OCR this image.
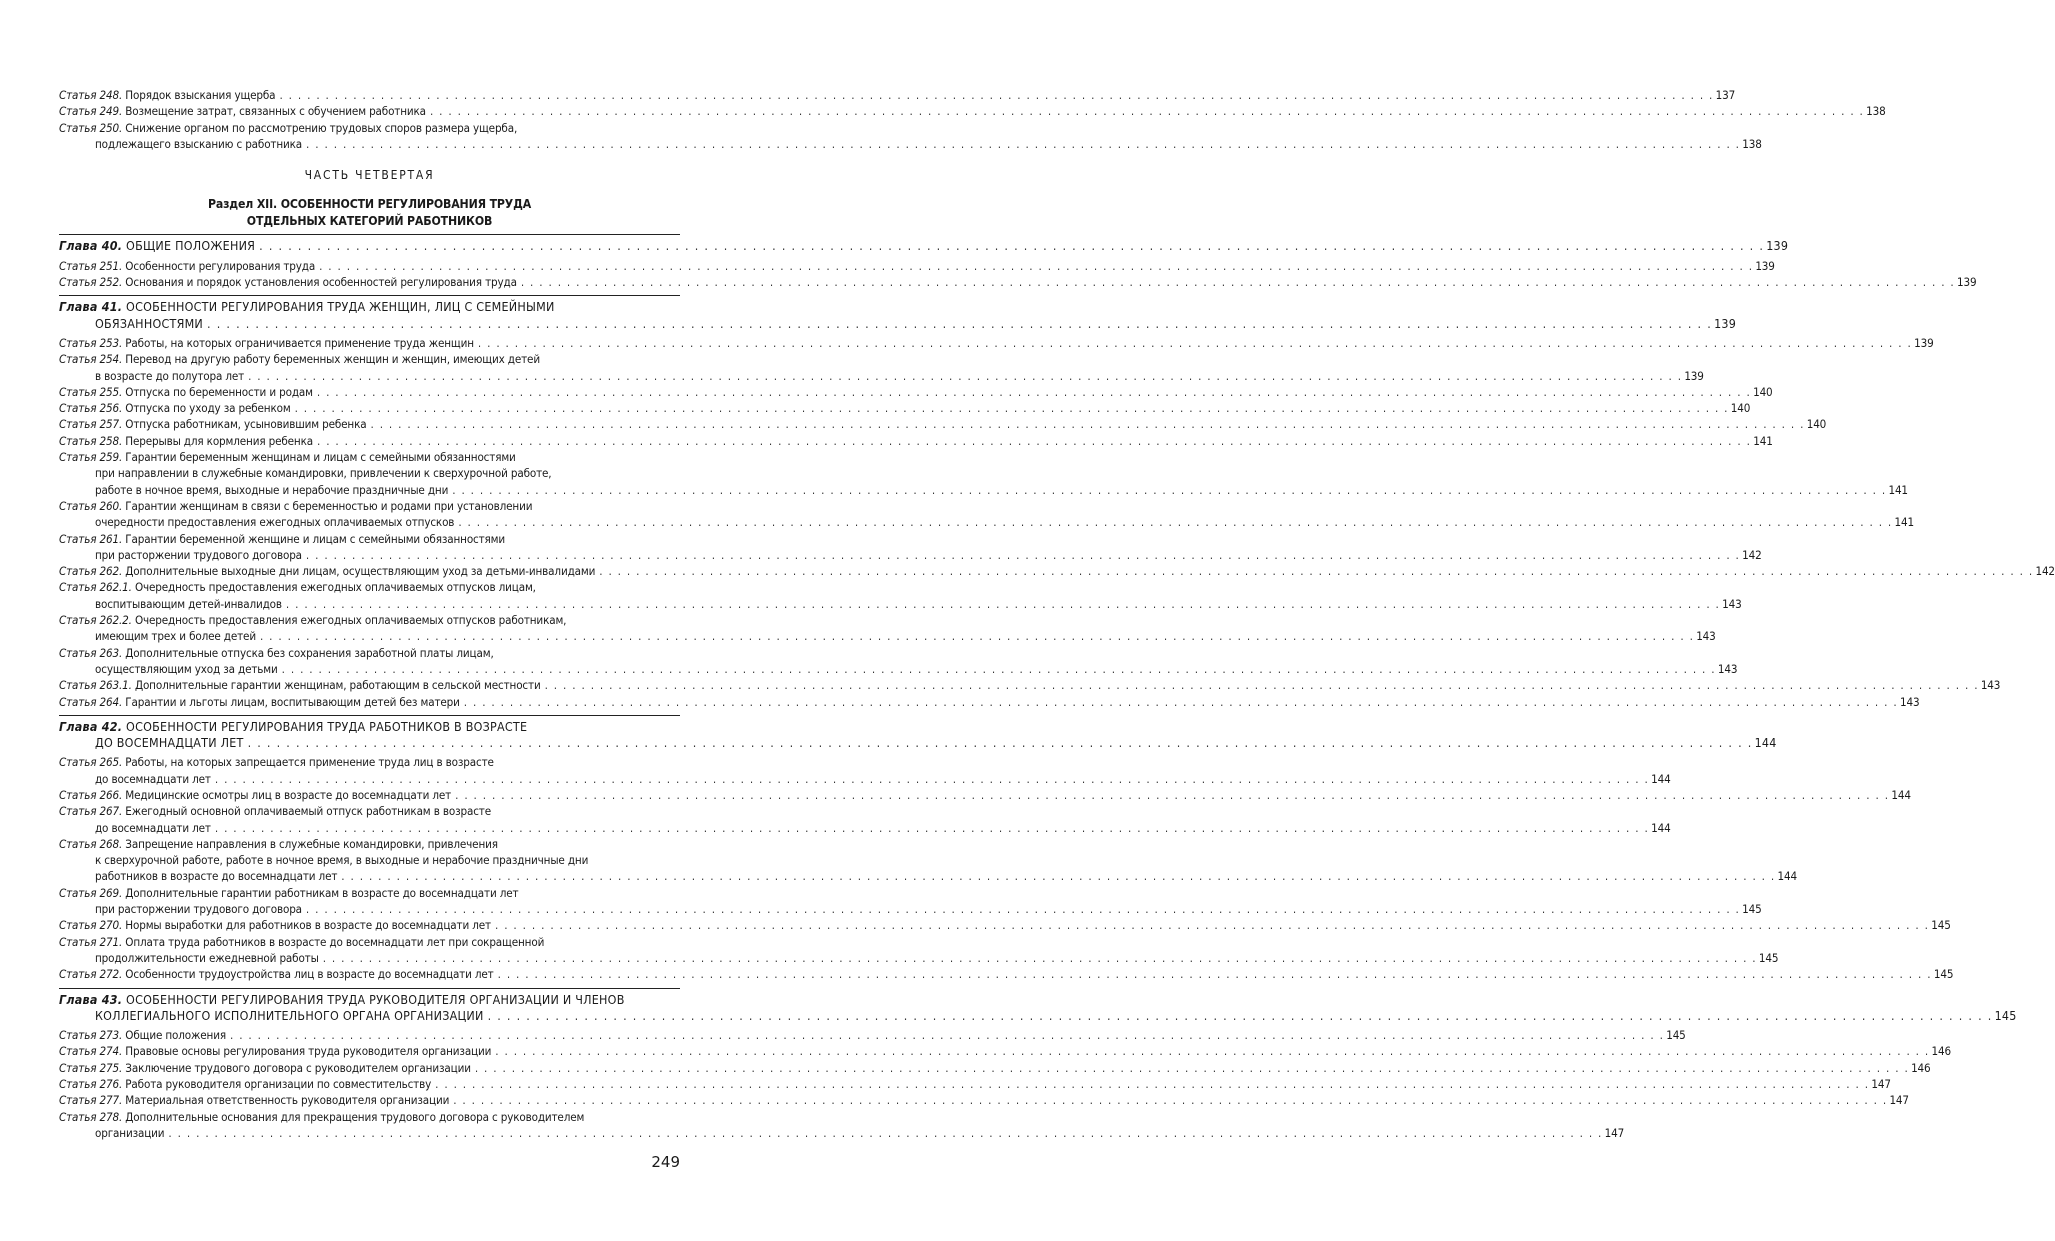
Статья 248. Порядок взыскания ущерба . . .	137
Статья 249. Возмещение затрат, связанных с обучением работника . . .	138
Статья 250. Снижение органом по рассмотрению трудовых споров размера ущерба,
подлежащего взысканию с работника . . .	138
ЧАСТЬ ЧЕТВЕРТАЯ
Раздел XII. ОСОБЕННОСТИ РЕГУЛИРОВАНИЯ ТРУДА
ОТДЕЛЬНЫХ КАТЕГОРИЙ РАБОТНИКОВ
Глава 40. ОБЩИЕ ПОЛОЖЕНИЯ . . .	139
Статья 251. Особенности регулирования труда . . .	139
Статья 252. Основания и порядок установления особенностей регулирования труда . . .	139
Глава 41. ОСОБЕННОСТИ РЕГУЛИРОВАНИЯ ТРУДА ЖЕНЩИН, ЛИЦ С СЕМЕЙНЫМИ
ОБЯЗАННОСТЯМИ . . .	139
Статья 253. Работы, на которых ограничивается применение труда женщин . . .	139
Статья 254. Перевод на другую работу беременных женщин и женщин, имеющих детей
в возрасте до полутора лет . . .	139
Статья 255. Отпуска по беременности и родам . . .	140
Статья 256. Отпуска по уходу за ребенком . . .	140
Статья 257. Отпуска работникам, усыновившим ребенка . . .	140
Статья 258. Перерывы для кормления ребенка . . .	141
Статья 259. Гарантии беременным женщинам и лицам с семейными обязанностями
при направлении в служебные командировки, привлечении к сверхурочной работе,
работе в ночное время, выходные и нерабочие праздничные дни . . .	141
Статья 260. Гарантии женщинам в связи с беременностью и родами при установлении
очередности предоставления ежегодных оплачиваемых отпусков . . .	141
Статья 261. Гарантии беременной женщине и лицам с семейными обязанностями
при расторжении трудового договора . . .	142
Статья 262. Дополнительные выходные дни лицам, осуществляющим уход за детьми-инвалидами . . .	142
Статья 262.1. Очередность предоставления ежегодных оплачиваемых отпусков лицам,
воспитывающим детей-инвалидов . . .	143
Статья 262.2. Очередность предоставления ежегодных оплачиваемых отпусков работникам,
имеющим трех и более детей . . .	143
Статья 263. Дополнительные отпуска без сохранения заработной платы лицам,
осуществляющим уход за детьми . . .	143
Статья 263.1. Дополнительные гарантии женщинам, работающим в сельской местности . . .	143
Статья 264. Гарантии и льготы лицам, воспитывающим детей без матери . . .	143
Глава 42. ОСОБЕННОСТИ РЕГУЛИРОВАНИЯ ТРУДА РАБОТНИКОВ В ВОЗРАСТЕ
ДО ВОСЕМНАДЦАТИ ЛЕТ . . .	144
Статья 265. Работы, на которых запрещается применение труда лиц в возрасте
до восемнадцати лет . . .	144
Статья 266. Медицинские осмотры лиц в возрасте до восемнадцати лет . . .	144
Статья 267. Ежегодный основной оплачиваемый отпуск работникам в возрасте
до восемнадцати лет . . .	144
Статья 268. Запрещение направления в служебные командировки, привлечения
к сверхурочной работе, работе в ночное время, в выходные и нерабочие праздничные дни
работников в возрасте до восемнадцати лет . . .	144
Статья 269. Дополнительные гарантии работникам в возрасте до восемнадцати лет
при расторжении трудового договора . . .	145
Статья 270. Нормы выработки для работников в возрасте до восемнадцати лет . . .	145
Статья 271. Оплата труда работников в возрасте до восемнадцати лет при сокращенной
продолжительности ежедневной работы . . .	145
Статья 272. Особенности трудоустройства лиц в возрасте до восемнадцати лет . . .	145
Глава 43. ОСОБЕННОСТИ РЕГУЛИРОВАНИЯ ТРУДА РУКОВОДИТЕЛЯ ОРГАНИЗАЦИИ И ЧЛЕНОВ
КОЛЛЕГИАЛЬНОГО ИСПОЛНИТЕЛЬНОГО ОРГАНА ОРГАНИЗАЦИИ . . .	145
Статья 273. Общие положения . . .	145
Статья 274. Правовые основы регулирования труда руководителя организации . . .	146
Статья 275. Заключение трудового договора с руководителем организации . . .	146
Статья 276. Работа руководителя организации по совместительству . . .	147
Статья 277. Материальная ответственность руководителя организации . . .	147
Статья 278. Дополнительные основания для прекращения трудового договора с руководителем
организации . . .	147
249
